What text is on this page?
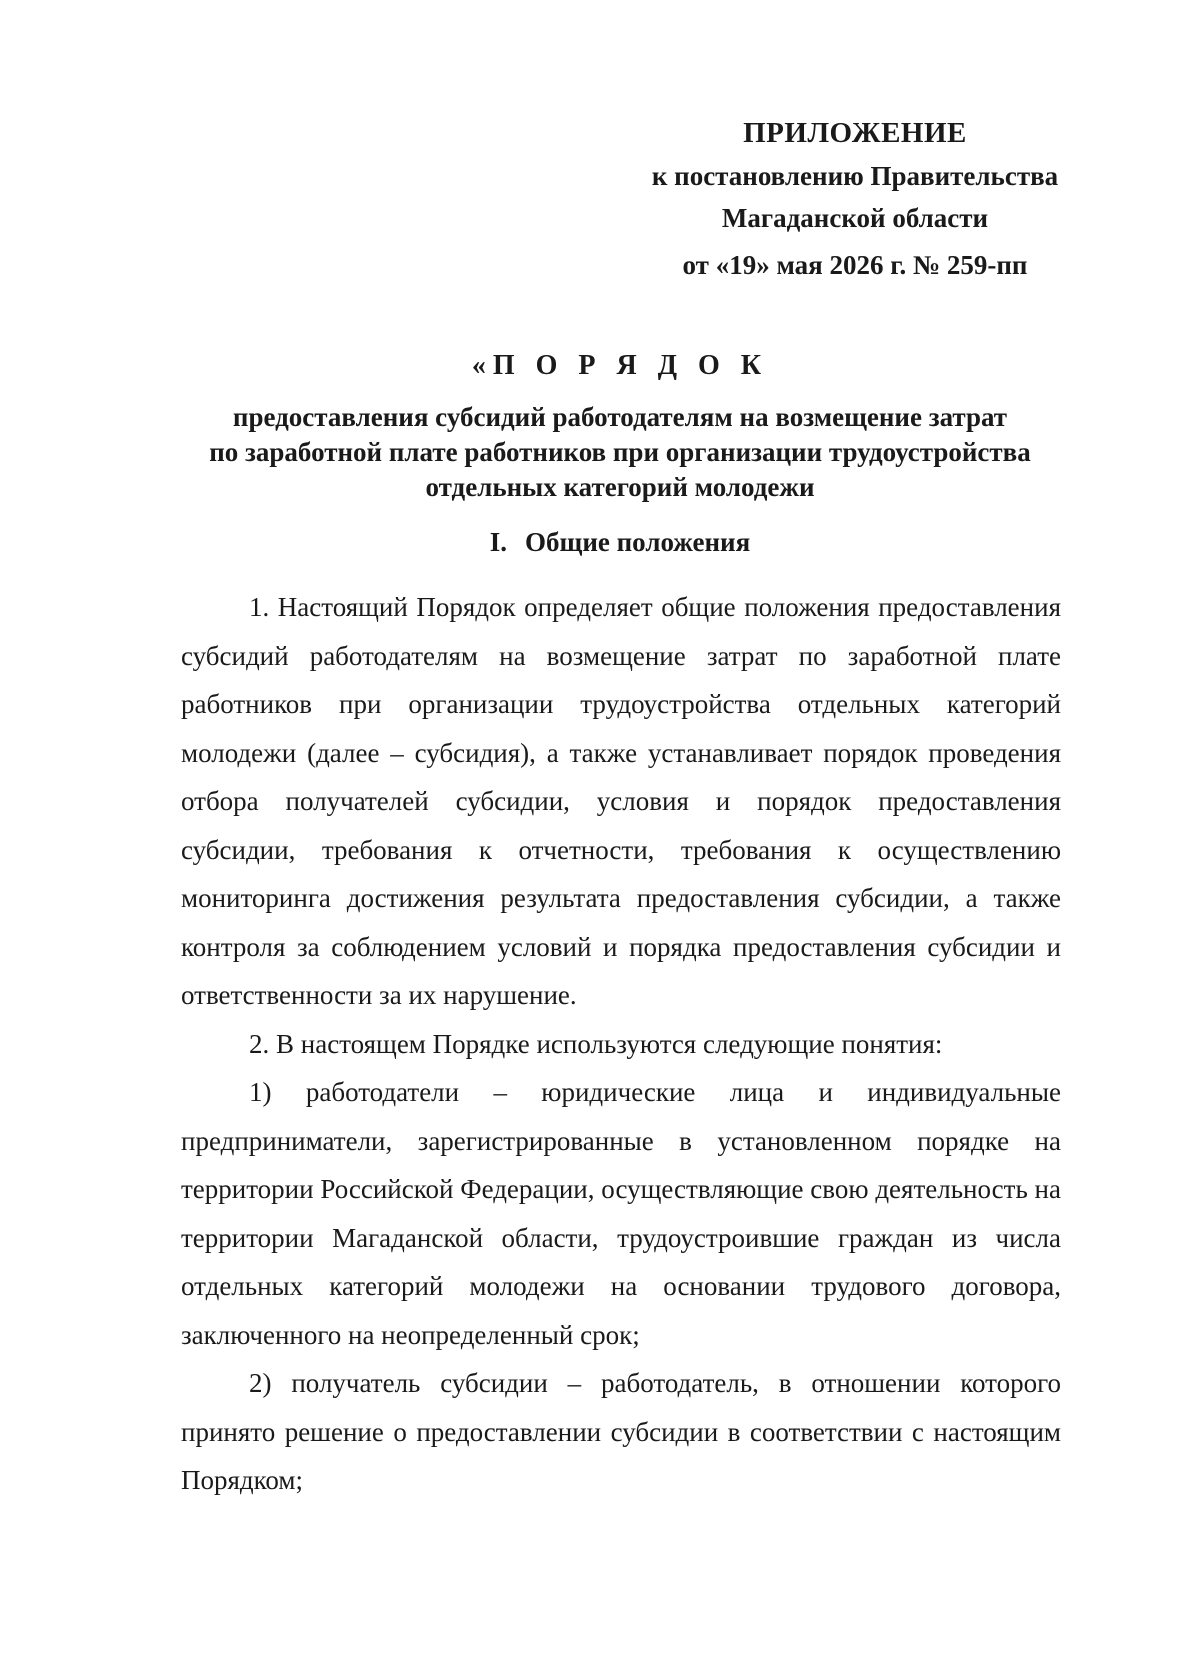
ПРИЛОЖЕНИЕ
к постановлению Правительства
Магаданской области
от «19» мая 2026 г. № 259-пп
«П О Р Я Д О К
предоставления субсидий работодателям на возмещение затрат
по заработной плате работников при организации трудоустройства
отдельных категорий молодежи
I. Общие положения

1. Настоящий Порядок определяет общие положения предоставления субсидий работодателям на возмещение затрат по заработной плате работников при организации трудоустройства отдельных категорий молодежи (далее – субсидия), а также устанавливает порядок проведения отбора получателей субсидии, условия и порядок предоставления субсидии, требования к отчетности, требования к осуществлению мониторинга достижения результата предоставления субсидии, а также контроля за соблюдением условий и порядка предоставления субсидии и ответственности за их нарушение.

2. В настоящем Порядке используются следующие понятия:

1) работодатели – юридические лица и индивидуальные предприниматели, зарегистрированные в установленном порядке на территории Российской Федерации, осуществляющие свою деятельность на территории Магаданской области, трудоустроившие граждан из числа отдельных категорий молодежи на основании трудового договора, заключенного на неопределенный срок;

2) получатель субсидии – работодатель, в отношении которого принято решение о предоставлении субсидии в соответствии с настоящим Порядком;
